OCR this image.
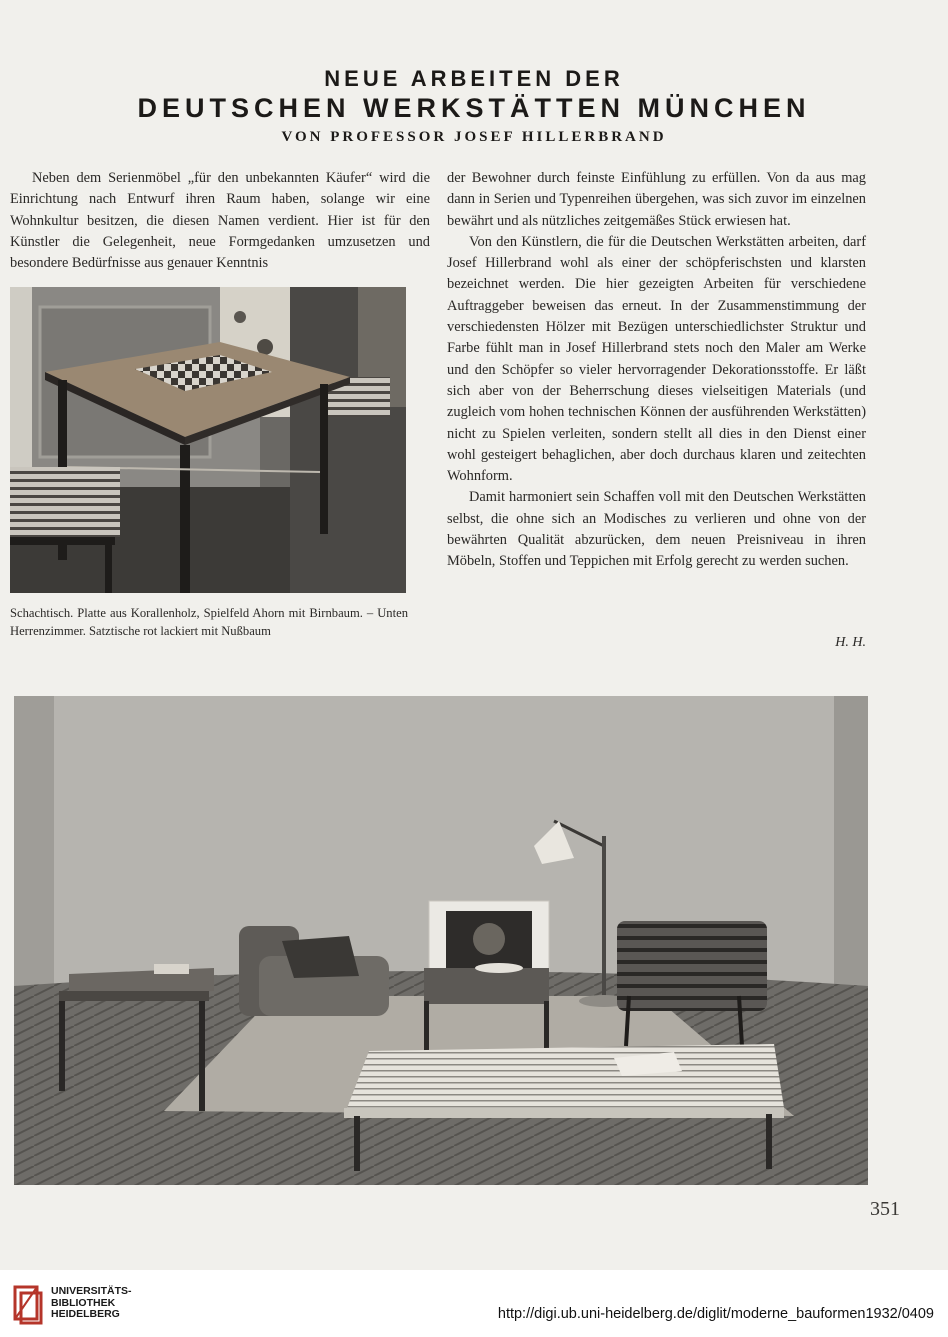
NEUE ARBEITEN DER
DEUTSCHEN WERKSTÄTTEN MÜNCHEN
VON PROFESSOR JOSEF HILLERBRAND

Neben dem Serienmöbel „für den unbekannten Käufer“ wird die Einrichtung nach Entwurf ihren Raum haben, solange wir eine Wohnkultur besitzen, die diesen Namen verdient. Hier ist für den Künstler die Gelegenheit, neue Formgedanken umzusetzen und besondere Bedürfnisse aus genauer Kenntnis

Schachtisch. Platte aus Korallenholz, Spielfeld Ahorn mit Birnbaum. – Unten Herrenzimmer. Satztische rot lackiert mit Nußbaum

der Bewohner durch feinste Einfühlung zu erfüllen. Von da aus mag dann in Serien und Typenreihen übergehen, was sich zuvor im einzelnen bewährt und als nützliches zeitgemäßes Stück erwiesen hat.

Von den Künstlern, die für die Deutschen Werkstätten arbeiten, darf Josef Hillerbrand wohl als einer der schöpferischsten und klarsten bezeichnet werden. Die hier gezeigten Arbeiten für verschiedene Auftraggeber beweisen das erneut. In der Zusammenstimmung der verschiedensten Hölzer mit Bezügen unterschiedlichster Struktur und Farbe fühlt man in Josef Hillerbrand stets noch den Maler am Werke und den Schöpfer so vieler hervorragender Dekorationsstoffe. Er läßt sich aber von der Beherrschung dieses vielseitigen Materials (und zugleich vom hohen technischen Können der ausführenden Werkstätten) nicht zu Spielen verleiten, sondern stellt all dies in den Dienst einer wohl gesteigert behaglichen, aber doch durchaus klaren und zeitechten Wohnform.

Damit harmoniert sein Schaffen voll mit den Deutschen Werkstätten selbst, die ohne sich an Modisches zu verlieren und ohne von der bewährten Qualität abzurücken, dem neuen Preisniveau in ihren Möbeln, Stoffen und Teppichen mit Erfolg gerecht zu werden suchen.

H. H.
351
UNIVERSITÄTS-
BIBLIOTHEK
HEIDELBERG	http://digi.ub.uni-heidelberg.de/diglit/moderne_bauformen1932/0409
